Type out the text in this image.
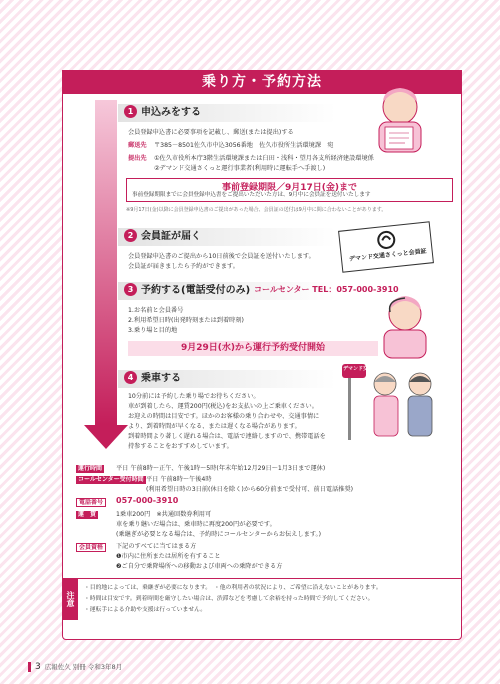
乗り方・予約方法
1 申込みをする
会員登録申込書に必要事項を記載し、郵送(または提出)する
郵送先 〒385－8501佐久市中込3056番地　佐久市役所生活環境課　宛
提出先 ①佐久市役所本庁3階生活環境課または臼田・浅科・望月各支所経済建設環境係
②デマンド交通さくっと運行事業者(利用時に運転手へ手渡し)
事前登録期限／9月17日(金)まで
事前登録期限までに会員登録申込書をご提出いただいた方は、9月中に会員証を送付いたします
※9月17日(金)以降に会員登録申込書のご提出があった場合、会員証の送付は9月中に間に合わないことがあります。
2 会員証が届く
会員登録申込書のご提出から10日前後で会員証を送付いたします。
会員証が届きましたら予約ができます。
デマンド交通さくっと会員証
3 予約する(電話受付のみ) コールセンター TEL：057-000-3910
1.お名前と会員番号
2.利用希望日時(出発時刻または到着時刻)
3.乗り場と目的地
9月29日(水)から運行予約受付開始
4 乗車する
10分前には予約した乗り場でお待ちください。
車が到着したら、運賃200円(税込)をお支払いの上ご乗車ください。
お迎えの時間は目安です。ほかのお客様の乗り合わせや、交通事情に
より、到着時間が早くなる、または遅くなる場合があります。
到着時間より著しく遅れる場合は、電話で連絡しますので、携帯電話を
持参することをおすすめしています。
デマンド交通
運行時間	平日 午前8時～正午、午後1時～5時(年末年始12月29日～1月3日まで運休)
コールセンター受付時間 平日 午前8時～午後4時
(利用希望日時の3日前(休日を除く)から60分前まで受付可、前日電話推奨)
電話番号	057-000-3910
運　賃	1乗車200円　※共通回数券利用可
車を乗り継いだ場合は、乗車時に再度200円が必要です。
(乗継ぎが必要となる場合は、予約時にコールセンターからお伝えします。)
会員資格	下記のすべてに当てはまる方
❶市内に住所または居所を有すること
❷ご自分で乗降場所への移動および車両への乗降ができる方
注意
・目的地によっては、乗継ぎが必要になります。　・他の利用者の状況により、ご希望に沿えないことがあります。
・時間は目安です。到着時間を厳守したい場合は、渋滞などを考慮して余裕を持った時間で予約してください。
・運転手による介助や支援は行っていません。
3 広報佐久 別冊 令和3年8月
